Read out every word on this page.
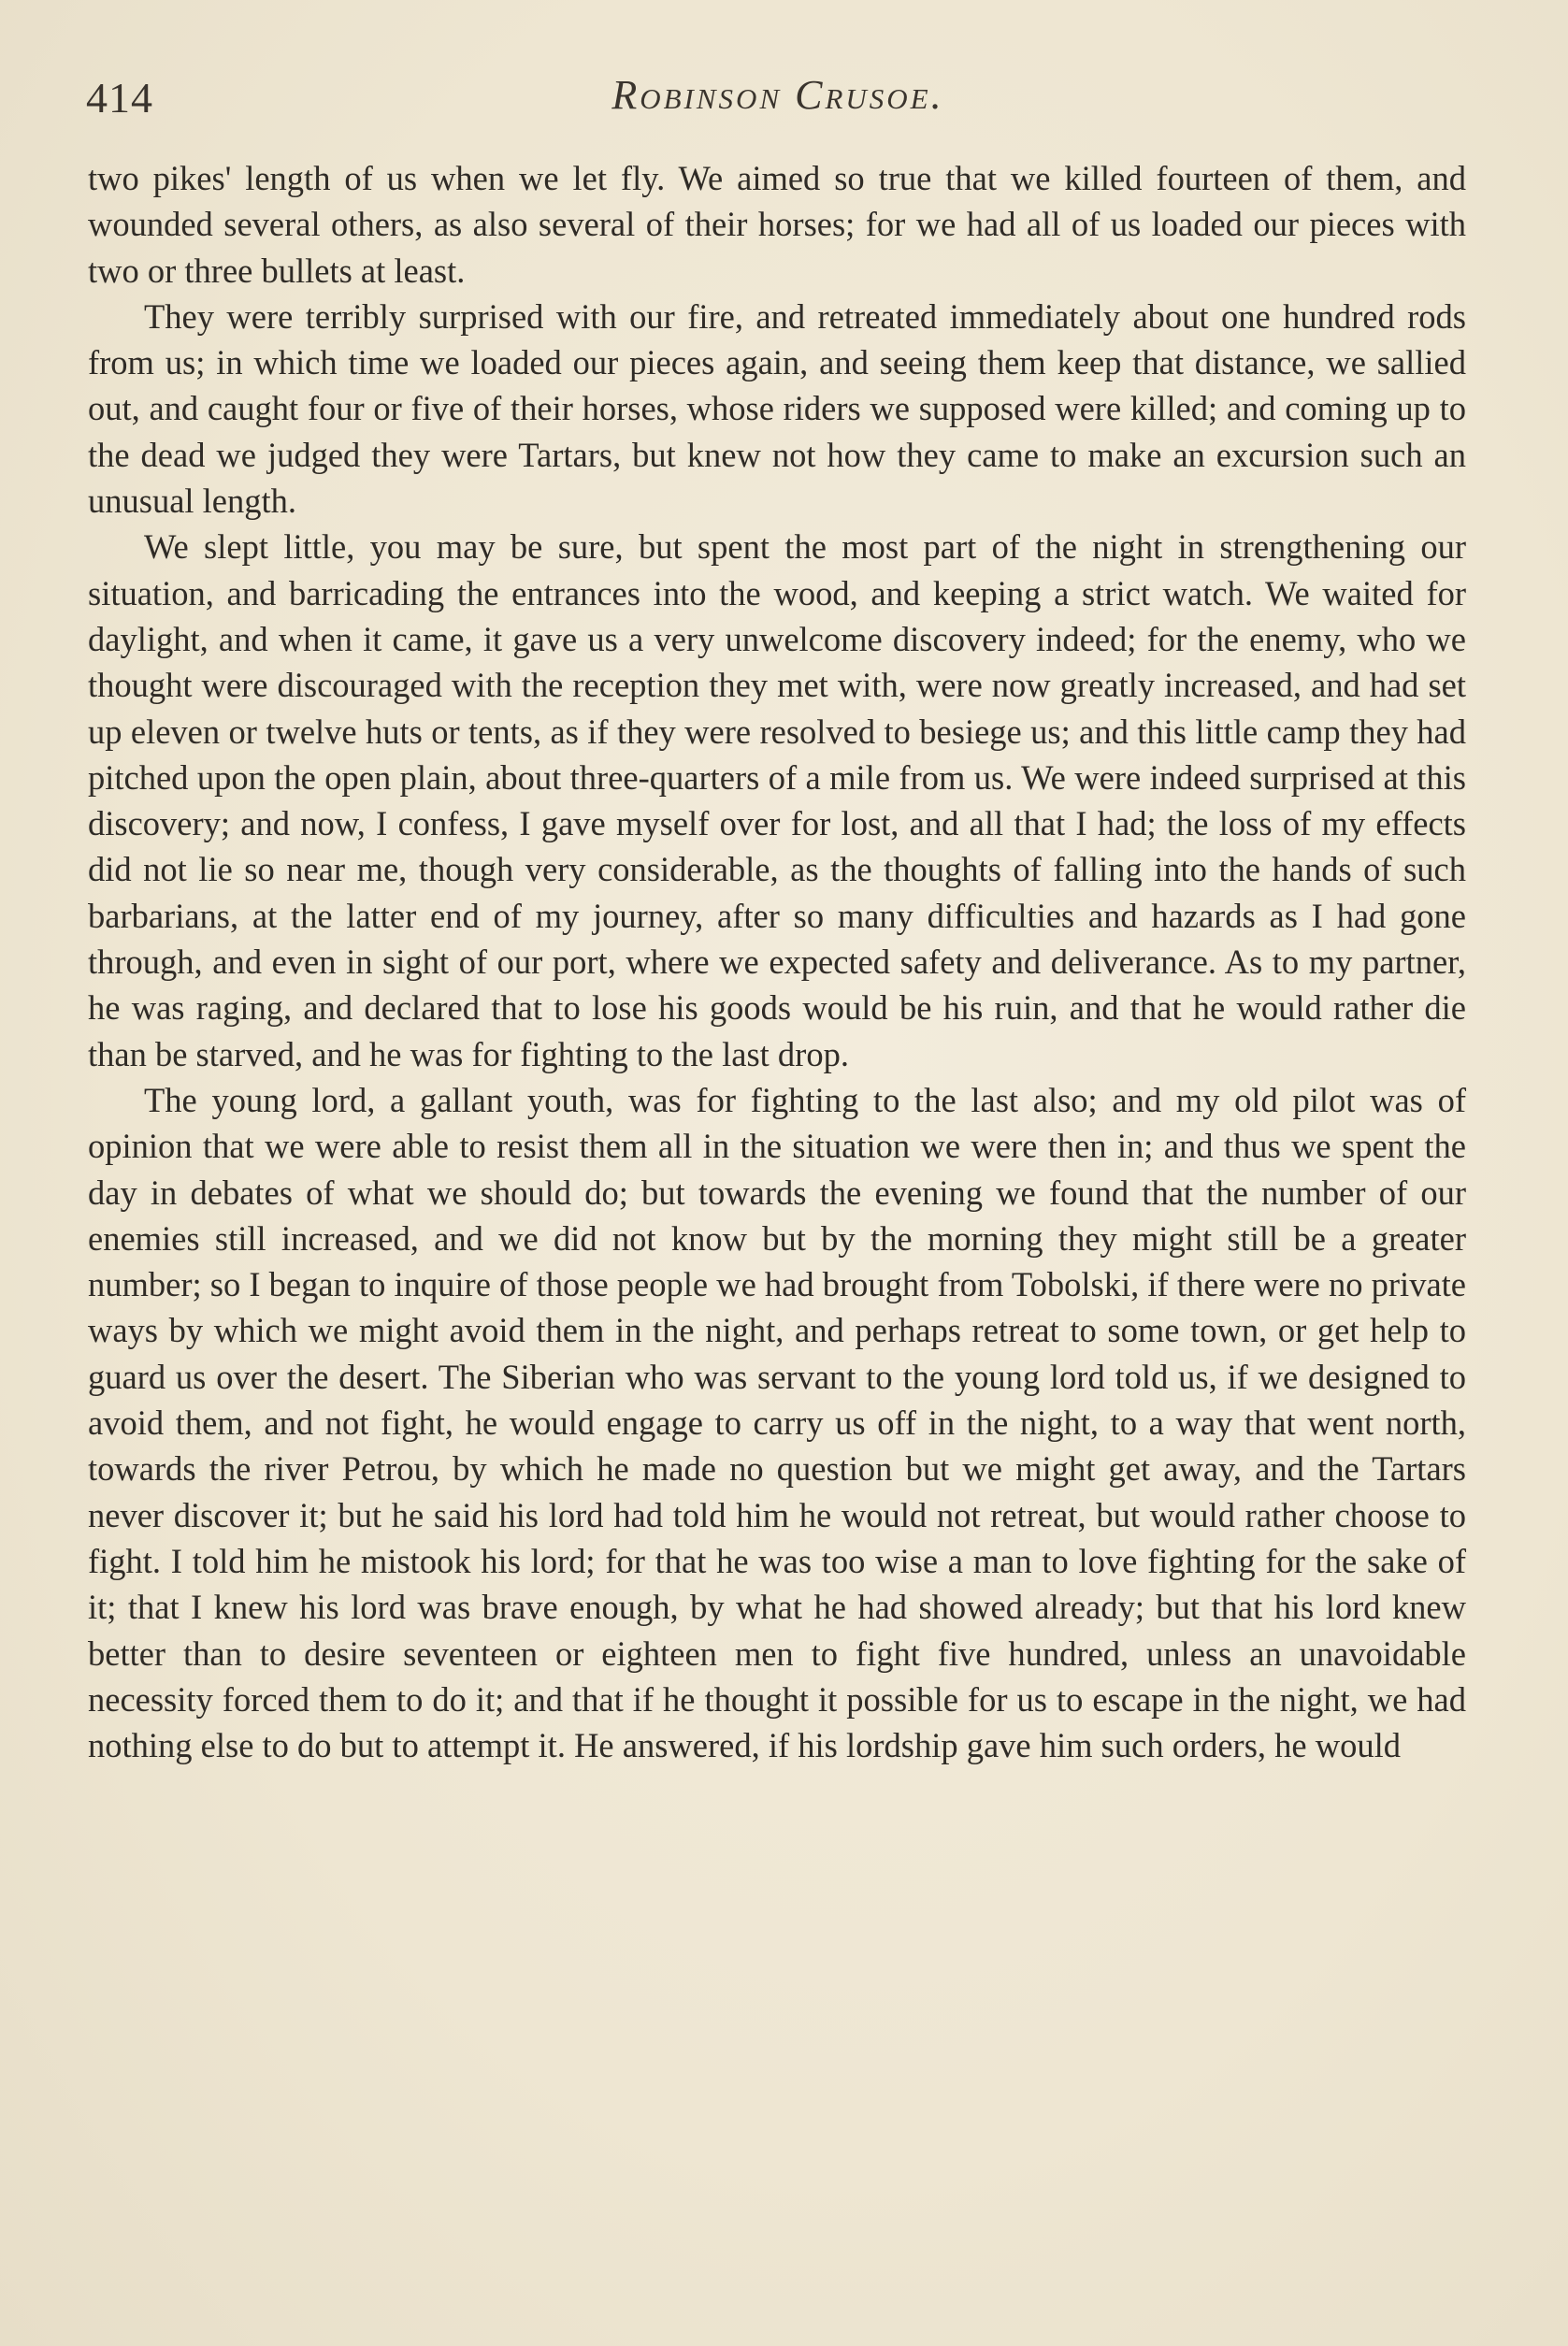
414	Robinson Crusoe.

two pikes' length of us when we let fly. We aimed so true that we killed fourteen of them, and wounded several others, as also several of their horses; for we had all of us loaded our pieces with two or three bullets at least.

They were terribly surprised with our fire, and retreated immediately about one hundred rods from us; in which time we loaded our pieces again, and seeing them keep that distance, we sallied out, and caught four or five of their horses, whose riders we supposed were killed; and coming up to the dead we judged they were Tartars, but knew not how they came to make an excursion such an unusual length.

We slept little, you may be sure, but spent the most part of the night in strengthening our situation, and barricading the entrances into the wood, and keeping a strict watch. We waited for daylight, and when it came, it gave us a very unwelcome discovery indeed; for the enemy, who we thought were discouraged with the reception they met with, were now greatly increased, and had set up eleven or twelve huts or tents, as if they were resolved to besiege us; and this little camp they had pitched upon the open plain, about three-quarters of a mile from us. We were indeed surprised at this discovery; and now, I confess, I gave myself over for lost, and all that I had; the loss of my effects did not lie so near me, though very considerable, as the thoughts of falling into the hands of such barbarians, at the latter end of my journey, after so many difficulties and hazards as I had gone through, and even in sight of our port, where we expected safety and deliverance. As to my partner, he was raging, and declared that to lose his goods would be his ruin, and that he would rather die than be starved, and he was for fighting to the last drop.

The young lord, a gallant youth, was for fighting to the last also; and my old pilot was of opinion that we were able to resist them all in the situation we were then in; and thus we spent the day in debates of what we should do; but towards the evening we found that the number of our enemies still increased, and we did not know but by the morning they might still be a greater number; so I began to inquire of those people we had brought from Tobolski, if there were no private ways by which we might avoid them in the night, and perhaps retreat to some town, or get help to guard us over the desert. The Siberian who was servant to the young lord told us, if we designed to avoid them, and not fight, he would engage to carry us off in the night, to a way that went north, towards the river Petrou, by which he made no question but we might get away, and the Tartars never discover it; but he said his lord had told him he would not retreat, but would rather choose to fight. I told him he mistook his lord; for that he was too wise a man to love fighting for the sake of it; that I knew his lord was brave enough, by what he had showed already; but that his lord knew better than to desire seventeen or eighteen men to fight five hundred, unless an unavoidable necessity forced them to do it; and that if he thought it possible for us to escape in the night, we had nothing else to do but to attempt it. He answered, if his lordship gave him such orders, he would
